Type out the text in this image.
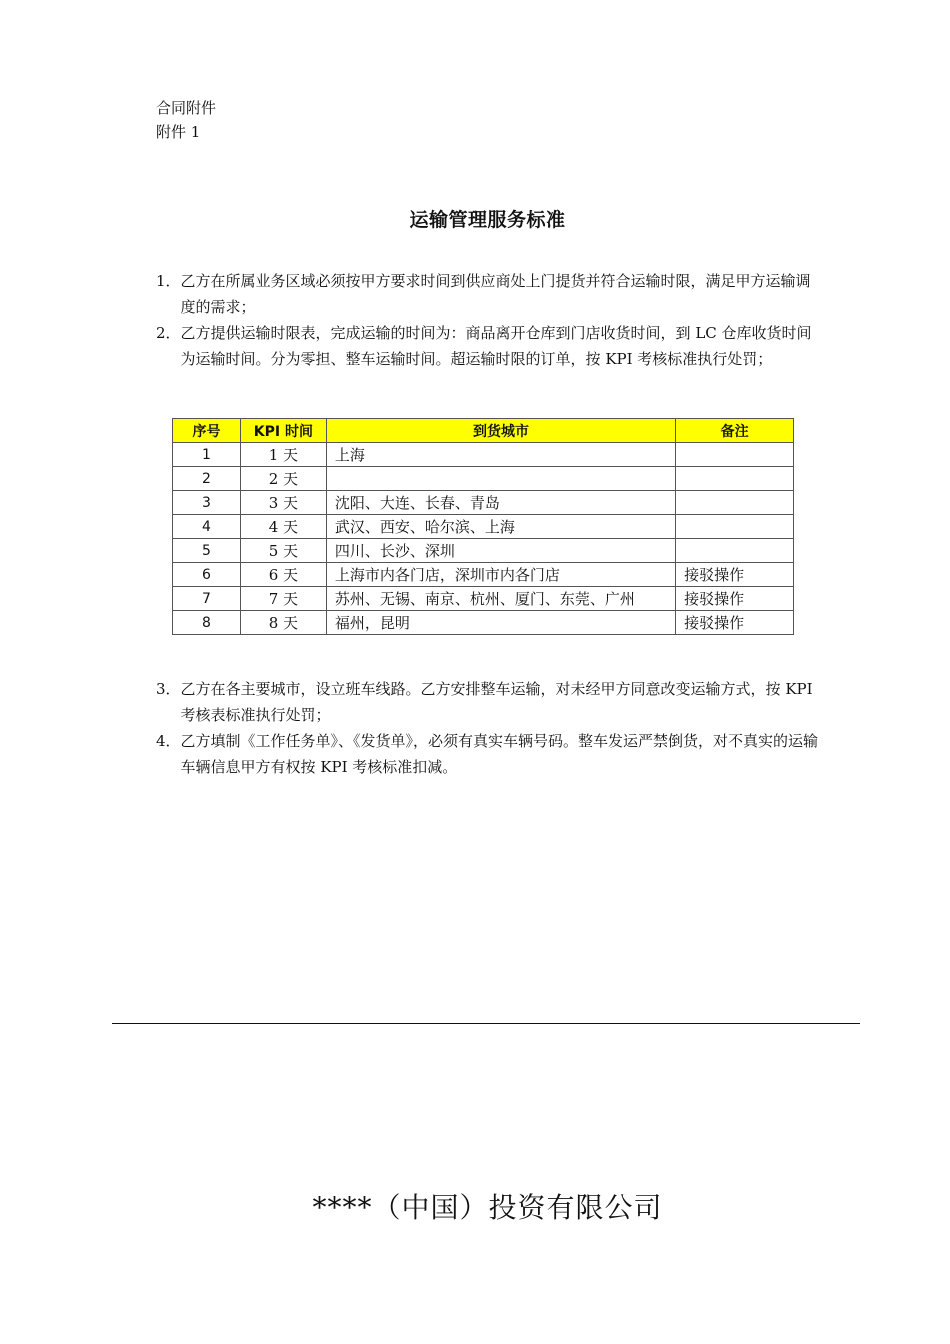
合同附件
附件 1
运输管理服务标准
1． 乙方在所属业务区域必须按甲方要求时间到供应商处上门提货并符合运输时限，满足甲方运输调度的需求；
2． 乙方提供运输时限表，完成运输的时间为：商品离开仓库到门店收货时间，到 LC 仓库收货时间为运输时间。分为零担、整车运输时间。超运输时限的订单，按 KPI 考核标准执行处罚；
序号	KPI 时间	到货城市	备注
1	1 天	上海	
2	2 天		
3	3 天	沈阳、大连、长春、青岛	
4	4 天	武汉、西安、哈尔滨、上海	
5	5 天	四川、长沙、深圳	
6	6 天	上海市内各门店，深圳市内各门店	接驳操作
7	7 天	苏州、无锡、南京、杭州、厦门、东莞、广州	接驳操作
8	8 天	福州，昆明	接驳操作
3． 乙方在各主要城市，设立班车线路。乙方安排整车运输，对未经甲方同意改变运输方式，按 KPI 考核表标准执行处罚；
4． 乙方填制《工作任务单》、《发货单》，必须有真实车辆号码。整车发运严禁倒货，对不真实的运输车辆信息甲方有权按 KPI 考核标准扣减。
****（中国）投资有限公司
